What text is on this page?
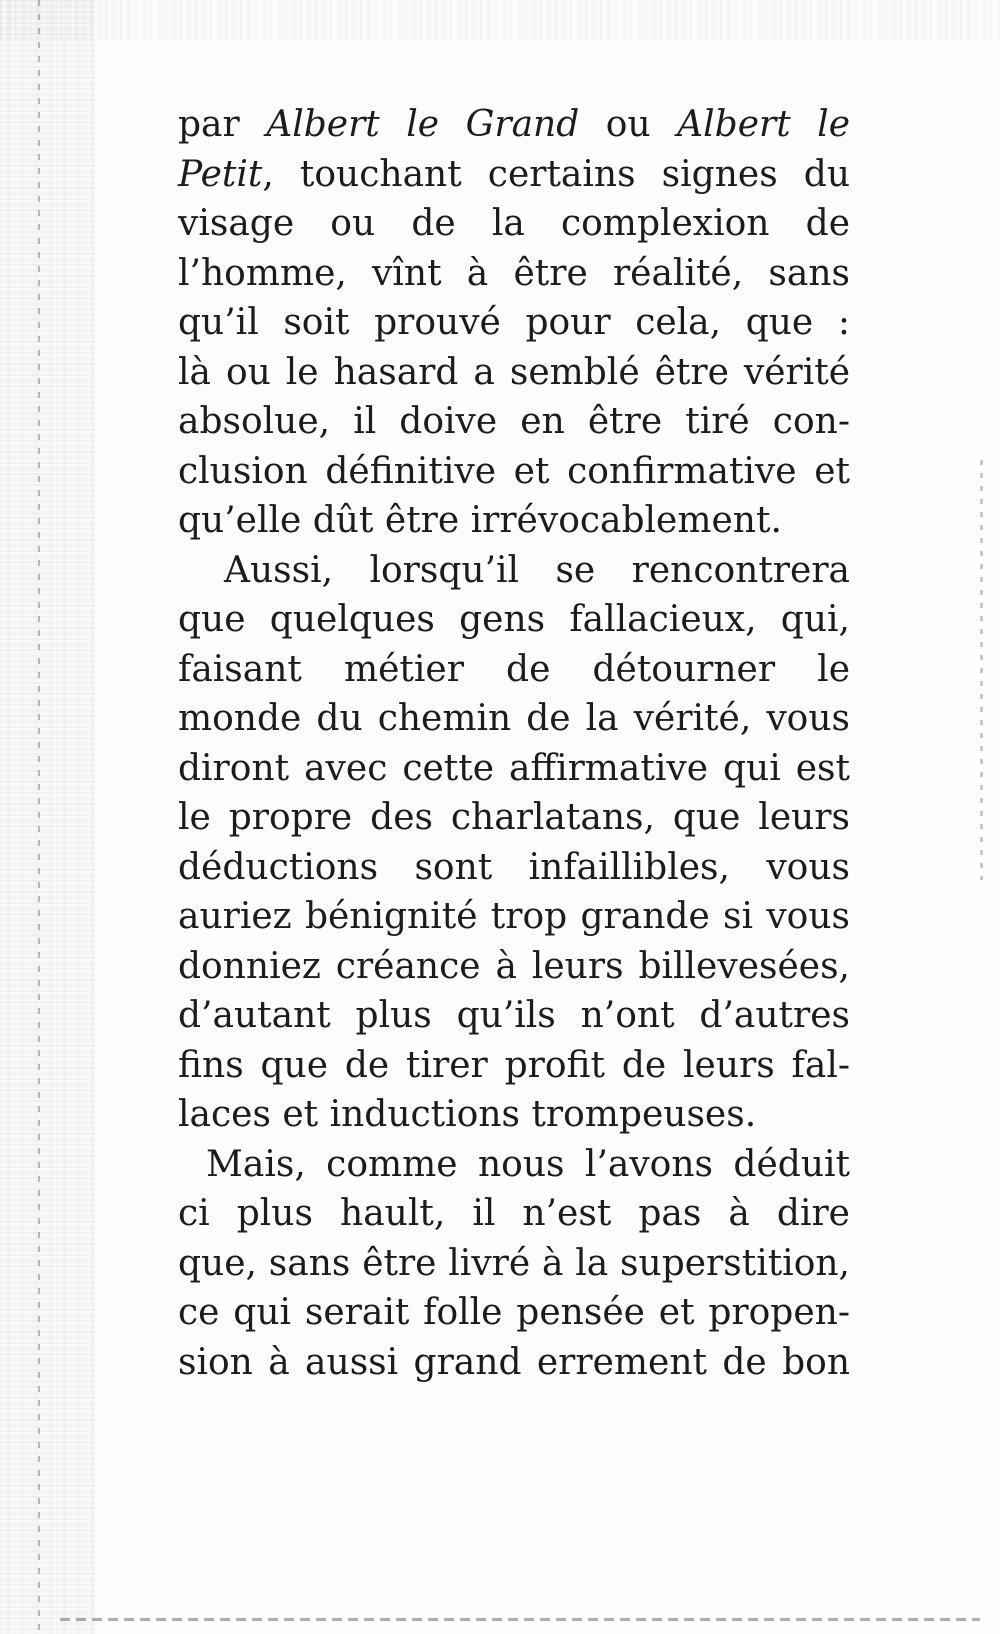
par Albert le Grand ou Albert le
Petit, touchant certains signes du
visage ou de la complexion de
l’homme, vînt à être réalité, sans
qu’il soit prouvé pour cela, que :
là ou le hasard a semblé être vérité
absolue, il doive en être tiré con-
clusion définitive et confirmative et
qu’elle dût être irrévocablement.
Aussi, lorsqu’il se rencontrera
que quelques gens fallacieux, qui,
faisant métier de détourner le
monde du chemin de la vérité, vous
diront avec cette affirmative qui est
le propre des charlatans, que leurs
déductions sont infaillibles, vous
auriez bénignité trop grande si vous
donniez créance à leurs billevesées,
d’autant plus qu’ils n’ont d’autres
fins que de tirer profit de leurs fal-
laces et inductions trompeuses.
Mais, comme nous l’avons déduit
ci plus hault, il n’est pas à dire
que, sans être livré à la superstition,
ce qui serait folle pensée et propen-
sion à aussi grand errement de bon
